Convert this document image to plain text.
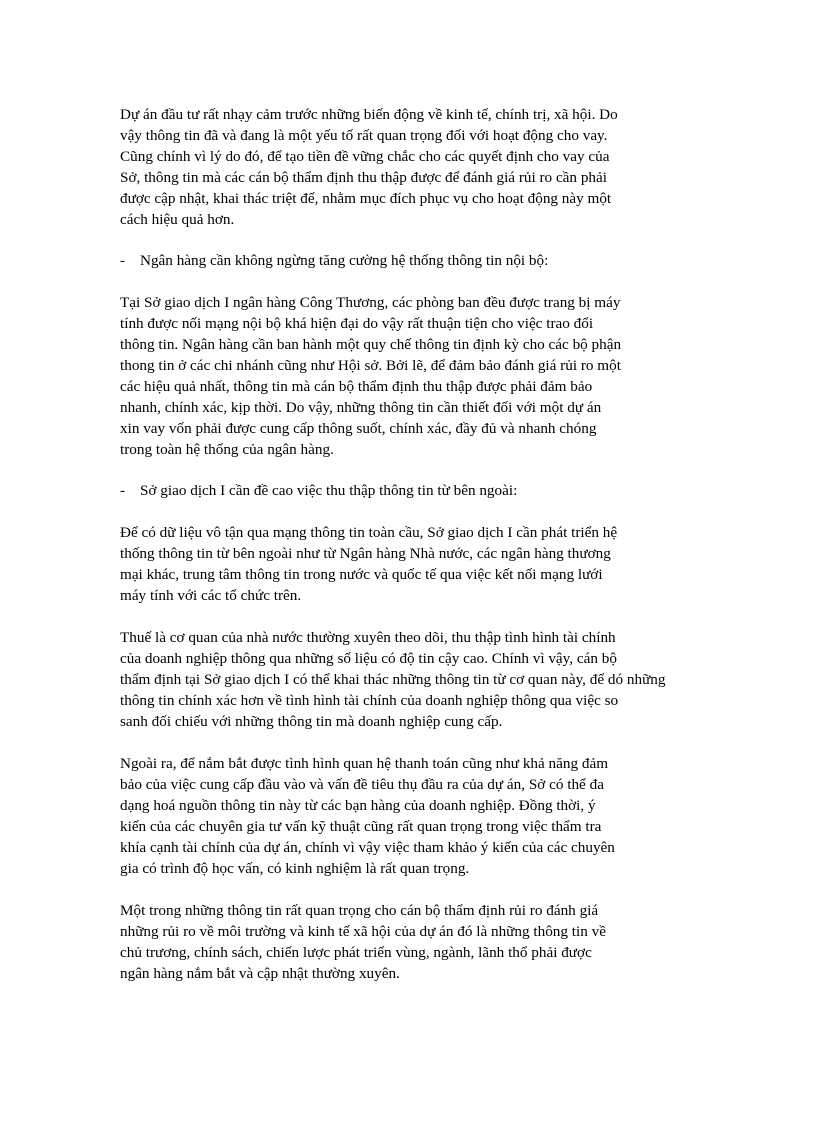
Dự án đầu tư rất nhạy cảm trước những biến động về kinh tế, chính trị, xã hội. Do
vậy thông tin đã và đang là một yếu tố rất quan trọng đối với hoạt động cho vay.
Cũng chính vì lý do đó, để tạo tiền đề vững chắc cho các quyết định cho vay của
Sở, thông tin mà các cán bộ thẩm định thu thập được để đánh giá rủi ro cần phải
được cập nhật, khai thác triệt để, nhằm mục đích phục vụ cho hoạt động này một
cách hiệu quả hơn.

- Ngân hàng cần không ngừng tăng cường hệ thống thông tin nội bộ:

Tại Sở giao dịch I ngân hàng Công Thương, các phòng ban đều được trang bị máy
tính được nối mạng nội bộ khá hiện đại do vậy rất thuận tiện cho việc trao đổi
thông tin. Ngân hàng cần ban hành một quy chế thông tin định kỳ cho các bộ phận
thong tin ở các chi nhánh cũng như Hội sở. Bởi lẽ, để đảm bảo đánh giá rủi ro một
các hiệu quả nhất, thông tin mà cán bộ thẩm định thu thập được phải đảm bảo
nhanh, chính xác, kịp thời. Do vậy, những thông tin cần thiết đối với một dự án
xin vay vốn phải được cung cấp thông suốt, chính xác, đầy đủ và nhanh chóng
trong toàn hệ thống của ngân hàng.

- Sở giao dịch I cần đề cao việc thu thập thông tin từ bên ngoài:

Để có dữ liệu vô tận qua mạng thông tin toàn cầu, Sở giao dịch I cần phát triển hệ
thống thông tin từ bên ngoài như từ Ngân hàng Nhà nước, các ngân hàng thương
mại khác, trung tâm thông tin trong nước và quốc tế qua việc kết nối mạng lưới
máy tính với các tổ chức trên.

Thuế là cơ quan của nhà nước thường xuyên theo dõi, thu thập tình hình tài chính
của doanh nghiệp thông qua những số liệu có độ tin cậy cao. Chính vì vậy, cán bộ
thẩm định tại Sở giao dịch I có thể khai thác những thông tin từ cơ quan này, để dó những
thông tin chính xác hơn về tình hình tài chính của doanh nghiệp thông qua việc so
sanh đối chiếu với những thông tin mà doanh nghiệp cung cấp.

Ngoài ra, để nắm bắt được tình hình quan hệ thanh toán cũng như khả năng đảm
bảo của việc cung cấp đầu vào và vấn đề tiêu thụ đầu ra của dự án, Sở có thể đa
dạng hoá nguồn thông tin này từ các bạn hàng của doanh nghiệp. Đồng thời, ý
kiến của các chuyên gia tư vấn kỹ thuật cũng rất quan trọng trong việc thẩm tra
khía cạnh tài chính của dự án, chính vì vậy việc tham khảo ý kiến của các chuyên
gia có trình độ học vấn, có kinh nghiệm là rất quan trọng.

Một trong những thông tin rất quan trọng cho cán bộ thẩm định rủi ro đánh giá
những rủi ro về môi trường và kinh tế xã hội của dự án đó là những thông tin về
chủ trương, chính sách, chiến lược phát triển vùng, ngành, lãnh thổ phải được
ngân hàng nắm bắt và cập nhật thường xuyên.
